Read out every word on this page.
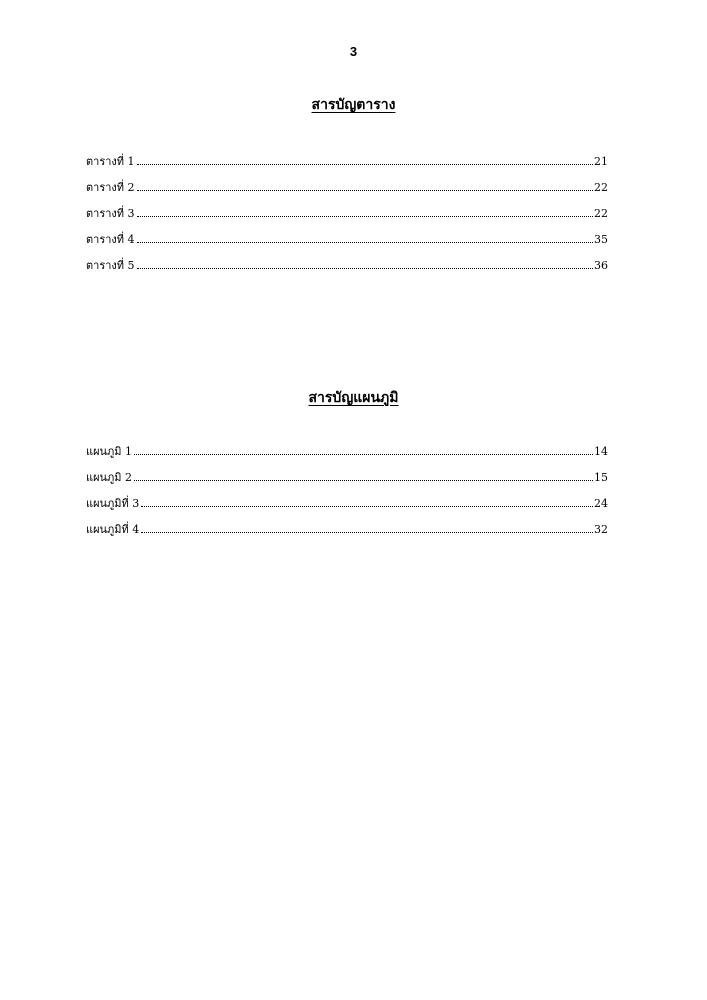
3
สารบัญตาราง
ตารางที่ 1	21
ตารางที่ 2	22
ตารางที่ 3	22
ตารางที่ 4	35
ตารางที่ 5	36
สารบัญแผนภูมิ
แผนภูมิ 1	14
แผนภูมิ 2	15
แผนภูมิที่ 3	24
แผนภูมิที่ 4	32
